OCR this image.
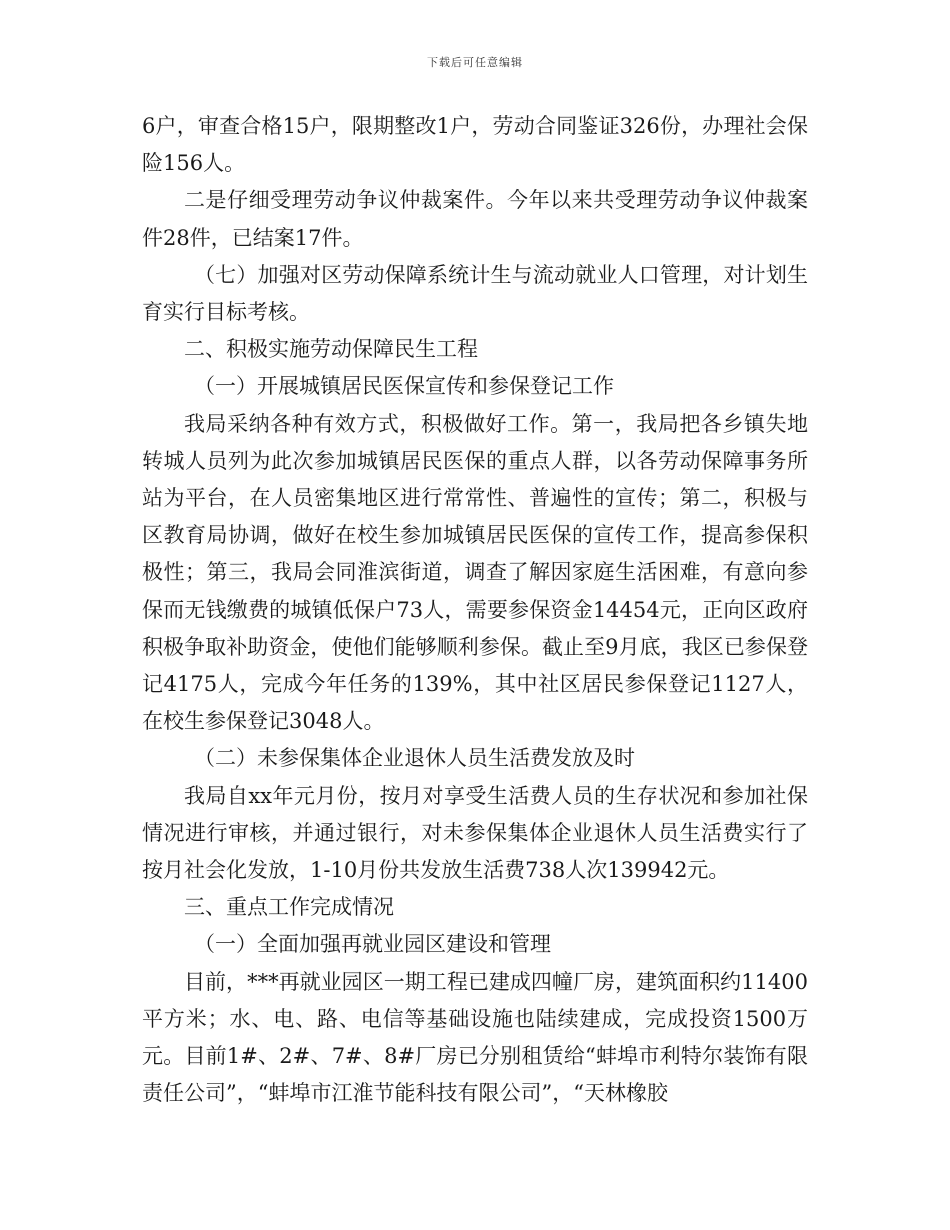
下载后可任意编辑

6户，审查合格15户，限期整改1户，劳动合同鉴证326份，办理社会保险156人。

二是仔细受理劳动争议仲裁案件。今年以来共受理劳动争议仲裁案件28件，已结案17件。

（七）加强对区劳动保障系统计生与流动就业人口管理，对计划生育实行目标考核。

二、积极实施劳动保障民生工程

（一）开展城镇居民医保宣传和参保登记工作

我局采纳各种有效方式，积极做好工作。第一，我局把各乡镇失地转城人员列为此次参加城镇居民医保的重点人群，以各劳动保障事务所站为平台，在人员密集地区进行常常性、普遍性的宣传；第二，积极与区教育局协调，做好在校生参加城镇居民医保的宣传工作，提高参保积极性；第三，我局会同淮滨街道，调查了解因家庭生活困难，有意向参保而无钱缴费的城镇低保户73人，需要参保资金14454元，正向区政府积极争取补助资金，使他们能够顺利参保。截止至9月底，我区已参保登记4175人，完成今年任务的139%，其中社区居民参保登记1127人，在校生参保登记3048人。

（二）未参保集体企业退休人员生活费发放及时

我局自xx年元月份，按月对享受生活费人员的生存状况和参加社保情况进行审核，并通过银行，对未参保集体企业退休人员生活费实行了按月社会化发放，1-10月份共发放生活费738人次139942元。

三、重点工作完成情况

（一）全面加强再就业园区建设和管理

目前，***再就业园区一期工程已建成四幢厂房，建筑面积约11400平方米；水、电、路、电信等基础设施也陆续建成，完成投资1500万元。目前1#、2#、7#、8#厂房已分别租赁给“蚌埠市利特尔装饰有限责任公司”，“蚌埠市江淮节能科技有限公司”，“天林橡胶
